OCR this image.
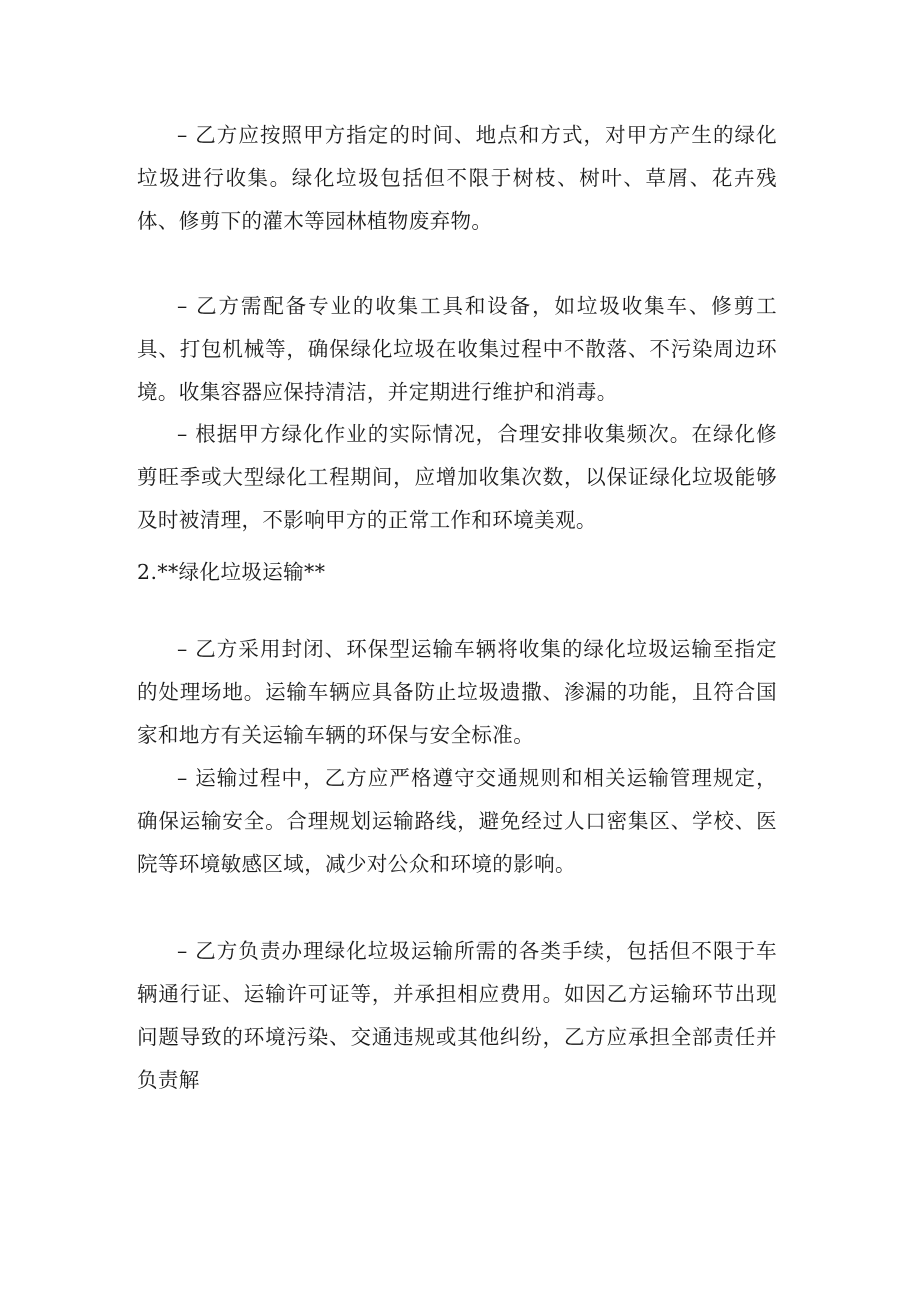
– 乙方应按照甲方指定的时间、地点和方式，对甲方产生的绿化垃圾进行收集。绿化垃圾包括但不限于树枝、树叶、草屑、花卉残体、修剪下的灌木等园林植物废弃物。

– 乙方需配备专业的收集工具和设备，如垃圾收集车、修剪工具、打包机械等，确保绿化垃圾在收集过程中不散落、不污染周边环境。收集容器应保持清洁，并定期进行维护和消毒。

– 根据甲方绿化作业的实际情况，合理安排收集频次。在绿化修剪旺季或大型绿化工程期间，应增加收集次数，以保证绿化垃圾能够及时被清理，不影响甲方的正常工作和环境美观。

2.**绿化垃圾运输**

– 乙方采用封闭、环保型运输车辆将收集的绿化垃圾运输至指定的处理场地。运输车辆应具备防止垃圾遗撒、渗漏的功能，且符合国家和地方有关运输车辆的环保与安全标准。

– 运输过程中，乙方应严格遵守交通规则和相关运输管理规定，确保运输安全。合理规划运输路线，避免经过人口密集区、学校、医院等环境敏感区域，减少对公众和环境的影响。

– 乙方负责办理绿化垃圾运输所需的各类手续，包括但不限于车辆通行证、运输许可证等，并承担相应费用。如因乙方运输环节出现问题导致的环境污染、交通违规或其他纠纷，乙方应承担全部责任并负责解
